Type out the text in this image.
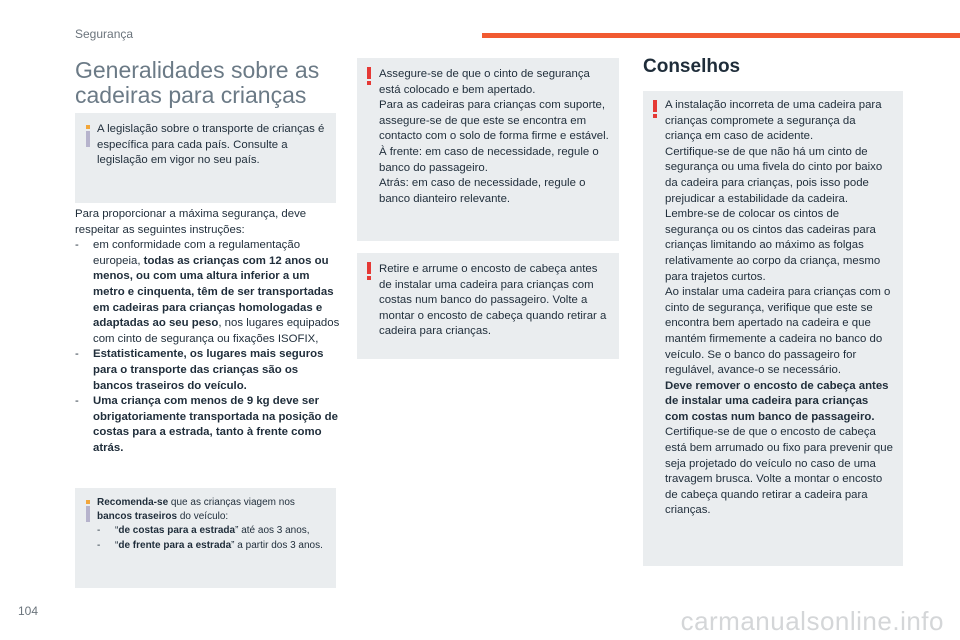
Segurança
Generalidades sobre as cadeiras para crianças
A legislação sobre o transporte de crianças é específica para cada país. Consulte a legislação em vigor no seu país.

Para proporcionar a máxima segurança, deve respeitar as seguintes instruções:

- em conformidade com a regulamentação europeia, todas as crianças com 12 anos ou menos, ou com uma altura inferior a um metro e cinquenta, têm de ser transportadas em cadeiras para crianças homologadas e adaptadas ao seu peso, nos lugares equipados com cinto de segurança ou fixações ISOFIX,
- Estatisticamente, os lugares mais seguros para o transporte das crianças são os bancos traseiros do veículo.
- Uma criança com menos de 9 kg deve ser obrigatoriamente transportada na posição de costas para a estrada, tanto à frente como atrás.
Recomenda-se que as crianças viagem nos bancos traseiros do veículo:
- “de costas para a estrada” até aos 3 anos,
- “de frente para a estrada” a partir dos 3 anos.
Assegure-se de que o cinto de segurança está colocado e bem apertado.
Para as cadeiras para crianças com suporte, assegure-se de que este se encontra em contacto com o solo de forma firme e estável.
À frente: em caso de necessidade, regule o banco do passageiro.
Atrás: em caso de necessidade, regule o banco dianteiro relevante.
Retire e arrume o encosto de cabeça antes de instalar uma cadeira para crianças com costas num banco do passageiro. Volte a montar o encosto de cabeça quando retirar a cadeira para crianças.
Conselhos
A instalação incorreta de uma cadeira para crianças compromete a segurança da criança em caso de acidente.
Certifique-se de que não há um cinto de segurança ou uma fivela do cinto por baixo da cadeira para crianças, pois isso pode prejudicar a estabilidade da cadeira.
Lembre-se de colocar os cintos de segurança ou os cintos das cadeiras para crianças limitando ao máximo as folgas relativamente ao corpo da criança, mesmo para trajetos curtos.
Ao instalar uma cadeira para crianças com o cinto de segurança, verifique que este se encontra bem apertado na cadeira e que mantém firmemente a cadeira no banco do veículo. Se o banco do passageiro for regulável, avance-o se necessário.
Deve remover o encosto de cabeça antes de instalar uma cadeira para crianças com costas num banco de passageiro.
Certifique-se de que o encosto de cabeça está bem arrumado ou fixo para prevenir que seja projetado do veículo no caso de uma travagem brusca. Volte a montar o encosto de cabeça quando retirar a cadeira para crianças.
104	carmanualsonline.info
